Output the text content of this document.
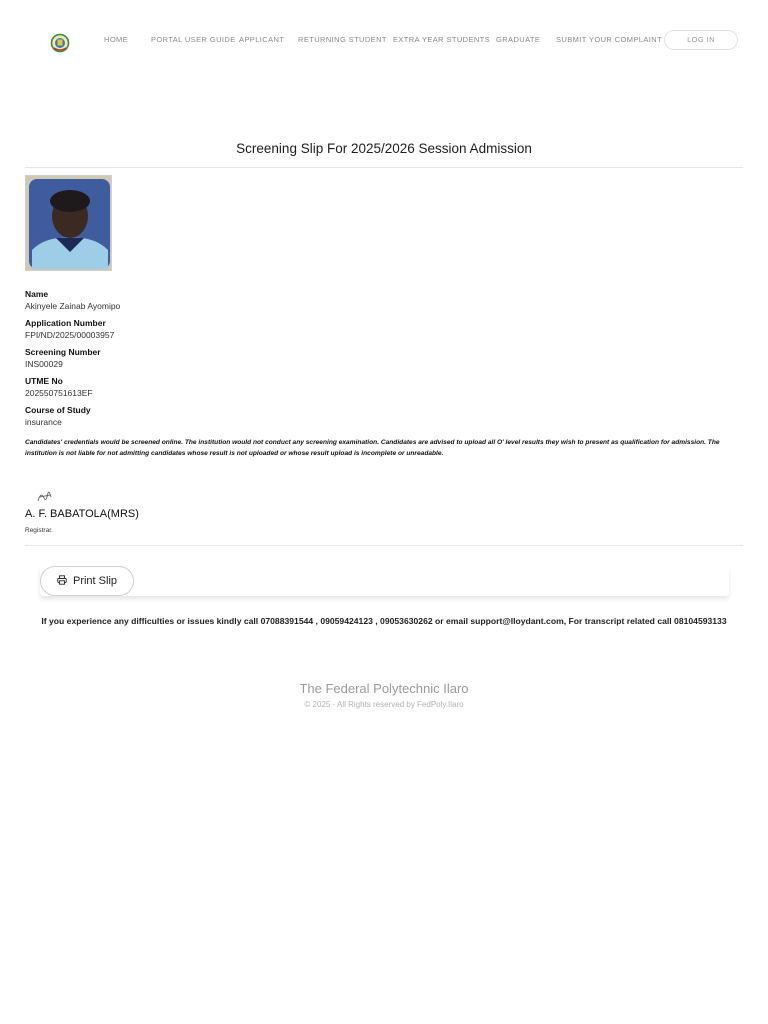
HOME	PORTAL USER GUIDE APPLICANT RETURNING STUDENT EXTRA YEAR STUDENTS GRADUATE SUBMIT YOUR COMPLAINT	LOG IN
Screening Slip For 2025/2026 Session Admission
Name
Akinyele Zainab Ayomipo
Application Number
FPI/ND/2025/00003957
Screening Number
INS00029
UTME No
202550751613EF
Course of Study
insurance
Candidates' credentials would be screened online. The institution would not conduct any screening examination. Candidates are advised to upload all O' level results they wish to present as qualification for admission. The institution is not liable for not admitting candidates whose result is not uploaded or whose result upload is incomplete or unreadable.
A. F. BABATOLA(MRS)
Registrar.
Print Slip
If you experience any difficulties or issues kindly call 07088391544 , 09059424123 , 09053630262 or email support@lloydant.com, For transcript related call 08104593133
The Federal Polytechnic Ilaro
© 2025 - All Rights reserved by FedPoly.Ilaro
